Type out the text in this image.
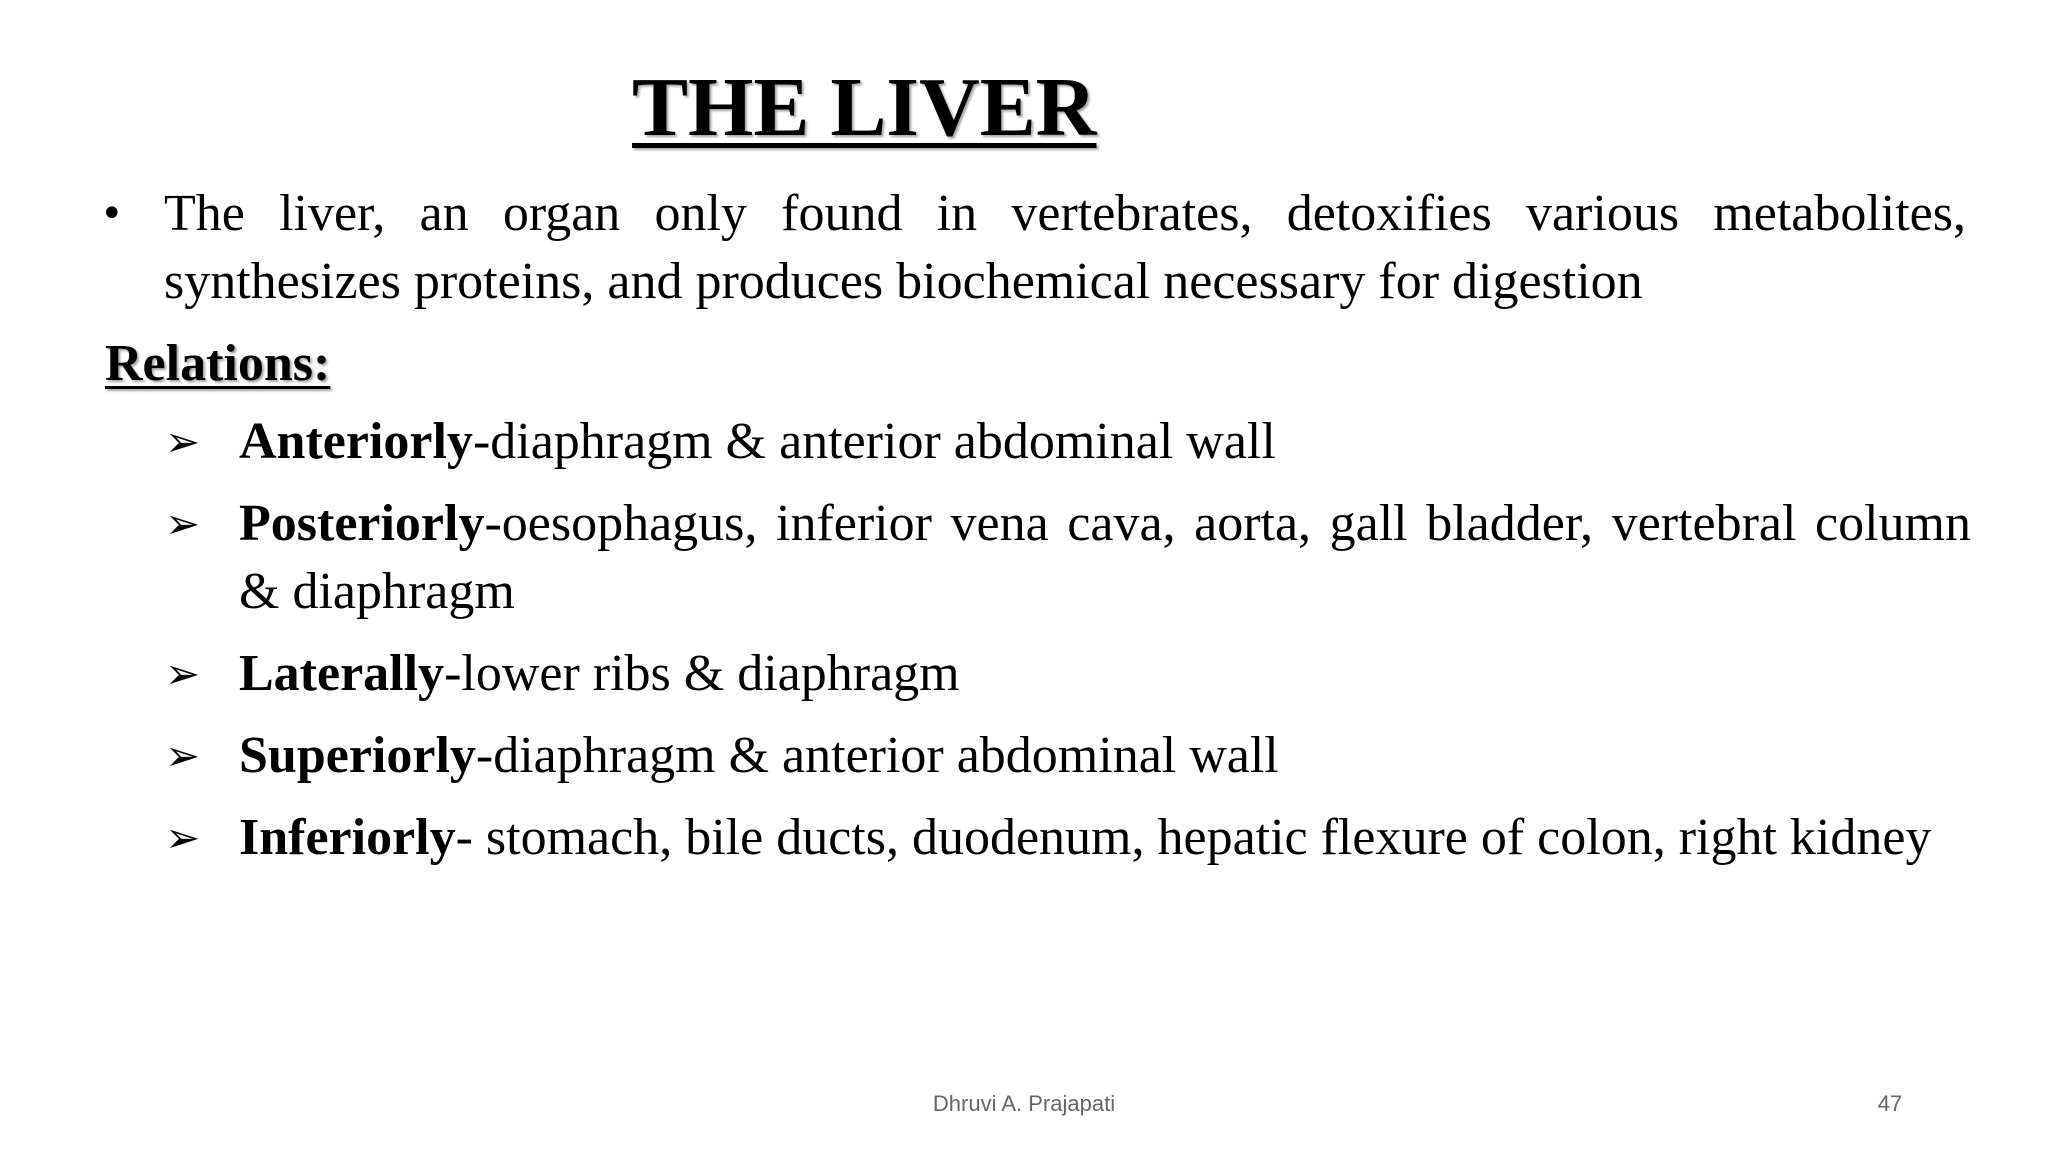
THE LIVER
• The liver, an organ only found in vertebrates, detoxifies various metabolites, synthesizes proteins, and produces biochemical necessary for digestion
Relations:
➢ Anteriorly-diaphragm & anterior abdominal wall
➢ Posteriorly-oesophagus, inferior vena cava, aorta, gall bladder, vertebral column & diaphragm
➢ Laterally-lower ribs & diaphragm
➢ Superiorly-diaphragm & anterior abdominal wall
➢ Inferiorly- stomach, bile ducts, duodenum, hepatic flexure of colon, right kidney
Dhruvi A. Prajapati	47
